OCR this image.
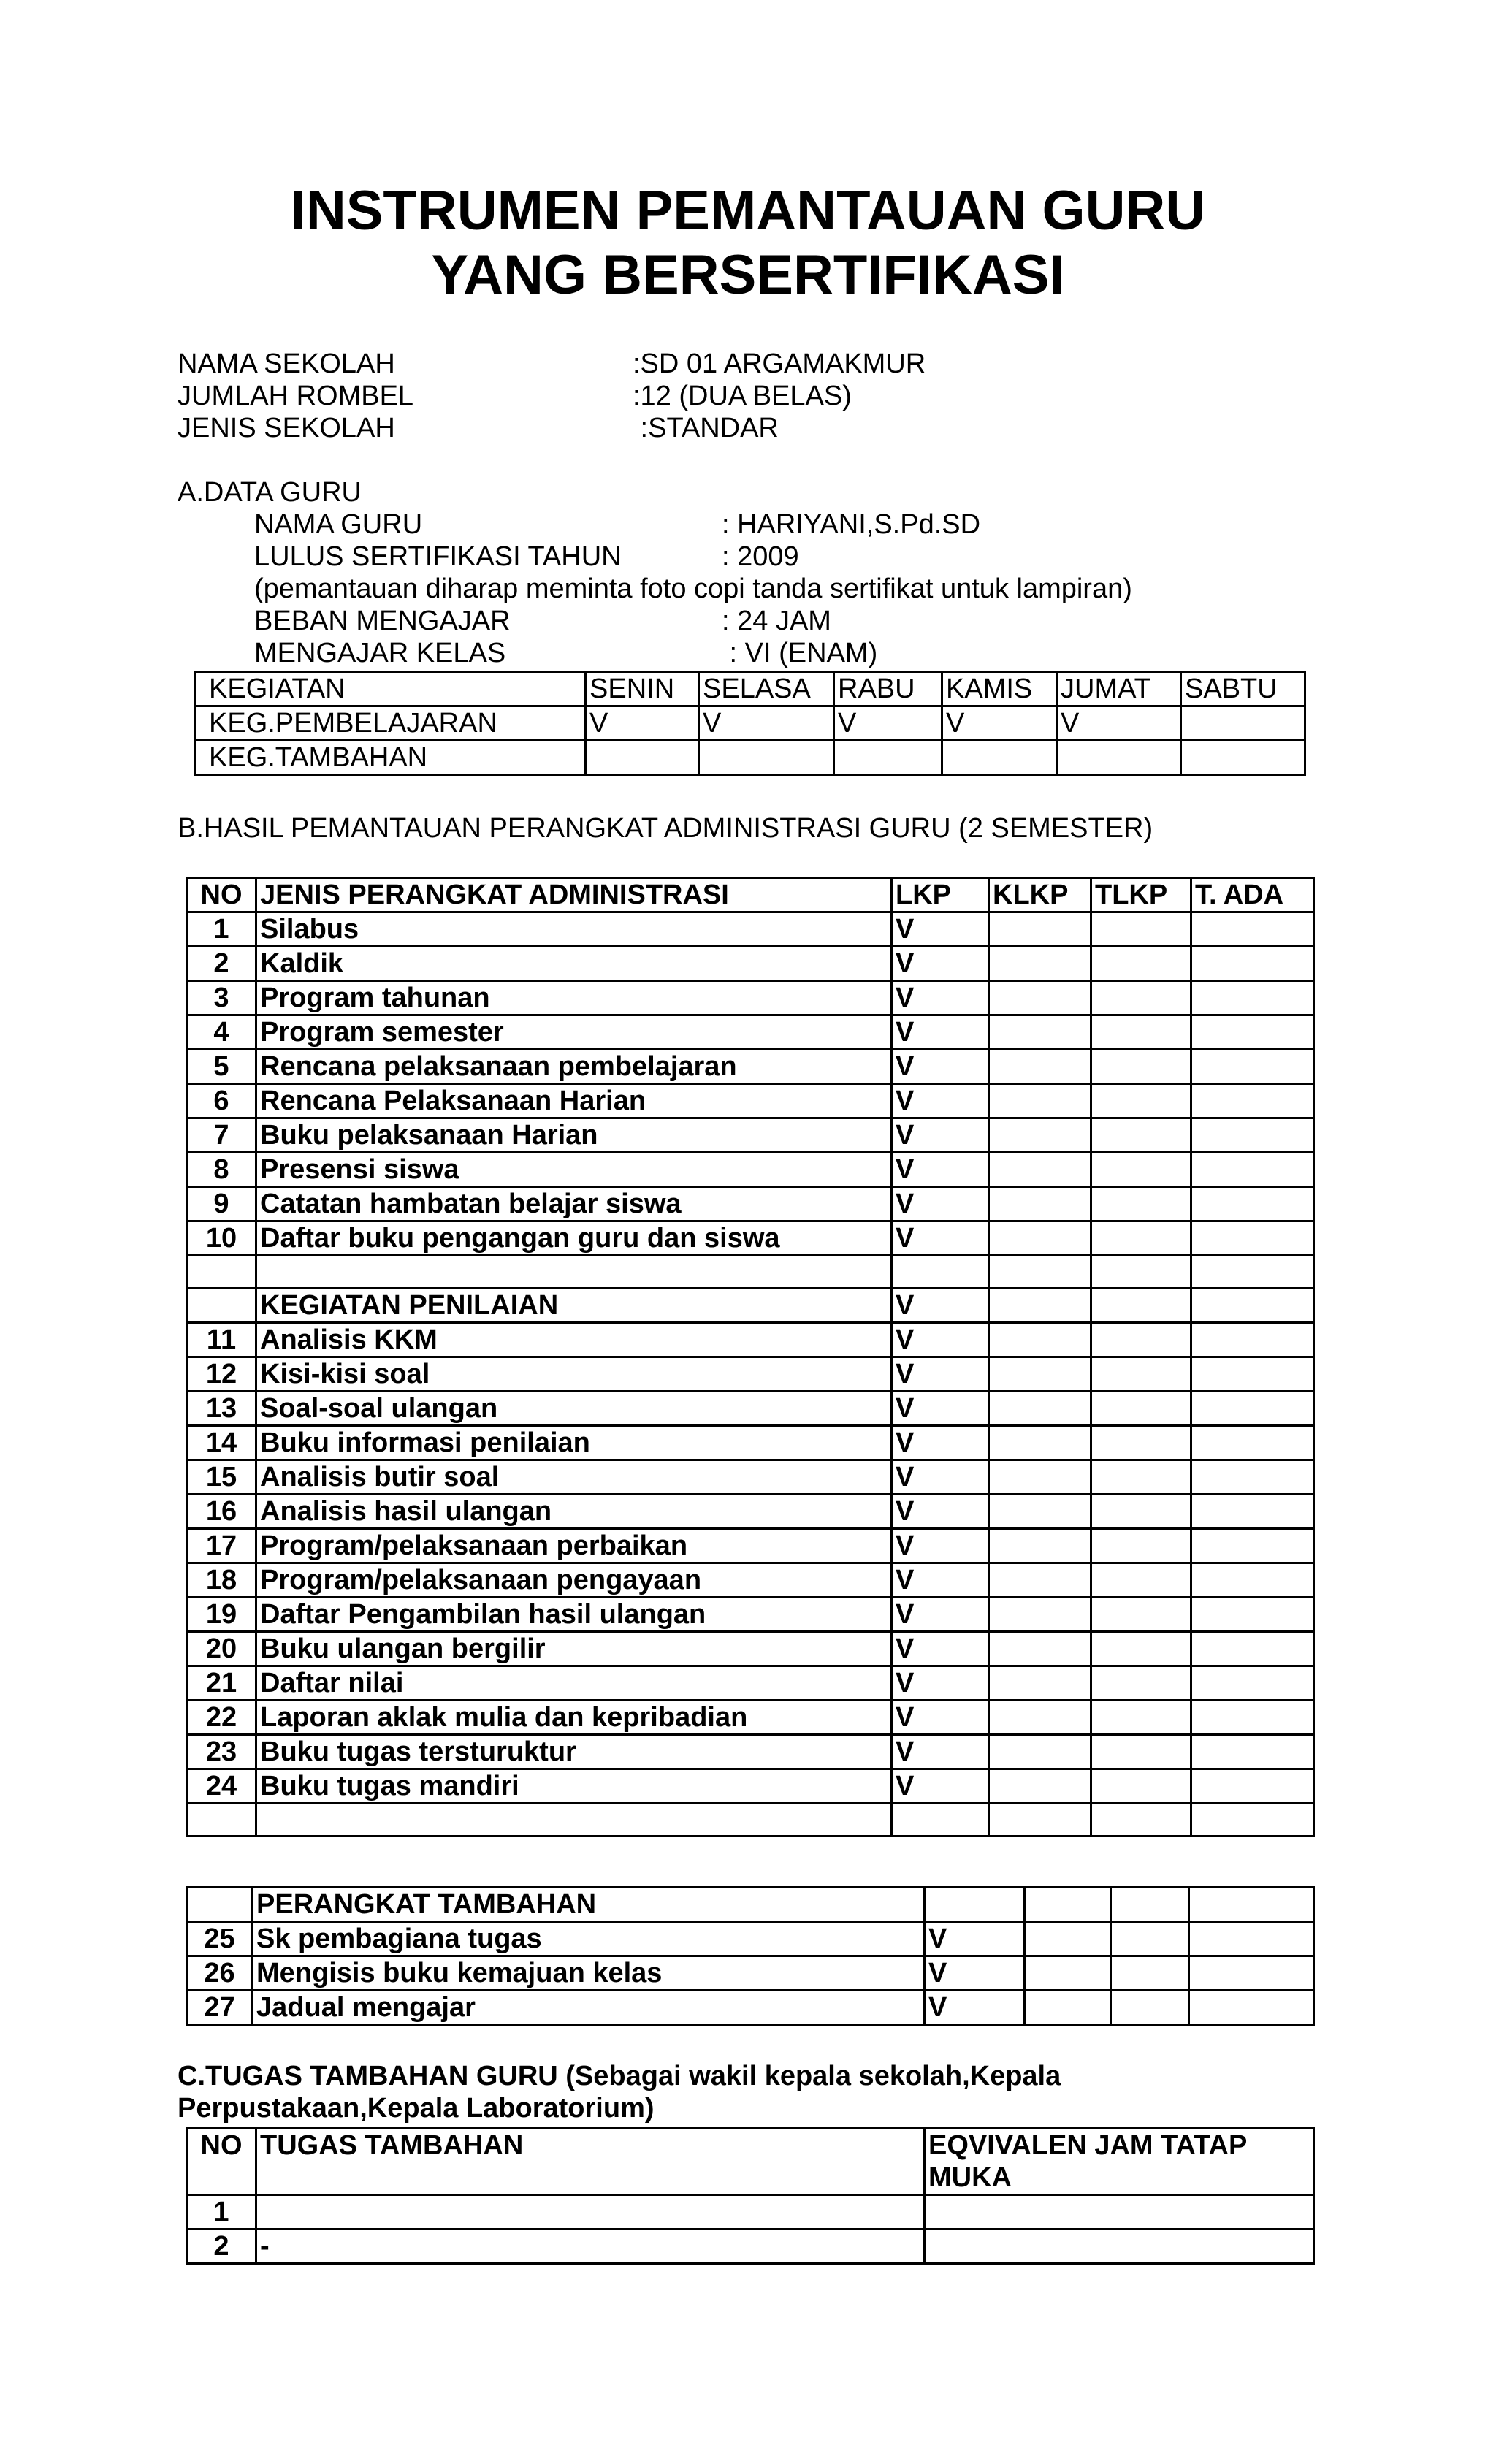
INSTRUMEN PEMANTAUAN GURU
YANG BERSERTIFIKASI
NAMA SEKOLAH	:SD 01 ARGAMAKMUR
JUMLAH ROMBEL	:12 (DUA BELAS)
JENIS SEKOLAH	:STANDAR
A.DATA GURU
NAMA GURU	: HARIYANI,S.Pd.SD
LULUS SERTIFIKASI TAHUN	: 2009
(pemantauan diharap meminta foto copi tanda sertifikat untuk lampiran)
BEBAN MENGAJAR	: 24 JAM
MENGAJAR KELAS	: VI (ENAM)
KEGIATAN	SENIN	SELASA	RABU	KAMIS	JUMAT	SABTU
KEG.PEMBELAJARAN	V	V	V	V	V	
KEG.TAMBAHAN						
B.HASIL PEMANTAUAN PERANGKAT ADMINISTRASI GURU (2 SEMESTER)
NO	JENIS PERANGKAT ADMINISTRASI	LKP	KLKP	TLKP	T. ADA
1	Silabus	V			
2	Kaldik	V			
3	Program tahunan	V			
4	Program semester	V			
5	Rencana pelaksanaan pembelajaran	V			
6	Rencana Pelaksanaan Harian	V			
7	Buku pelaksanaan Harian	V			
8	Presensi siswa	V			
9	Catatan hambatan belajar siswa	V			
10	Daftar buku pengangan guru dan siswa	V			

	KEGIATAN PENILAIAN	V			
11	Analisis KKM	V			
12	Kisi-kisi soal	V			
13	Soal-soal ulangan	V			
14	Buku informasi penilaian	V			
15	Analisis butir soal	V			
16	Analisis hasil ulangan	V			
17	Program/pelaksanaan perbaikan	V			
18	Program/pelaksanaan pengayaan	V			
19	Daftar Pengambilan hasil ulangan	V			
20	Buku ulangan bergilir	V			
21	Daftar nilai	V			
22	Laporan aklak mulia dan kepribadian	V			
23	Buku tugas tersturuktur	V			
24	Buku tugas mandiri	V			

	PERANGKAT TAMBAHAN				
25	Sk pembagiana tugas	V			
26	Mengisis buku kemajuan kelas	V			
27	Jadual mengajar	V			
C.TUGAS TAMBAHAN GURU (Sebagai wakil kepala sekolah,Kepala
Perpustakaan,Kepala Laboratorium)
NO	TUGAS TAMBAHAN	EQVIVALEN JAM TATAP MUKA
1		
2	-	
